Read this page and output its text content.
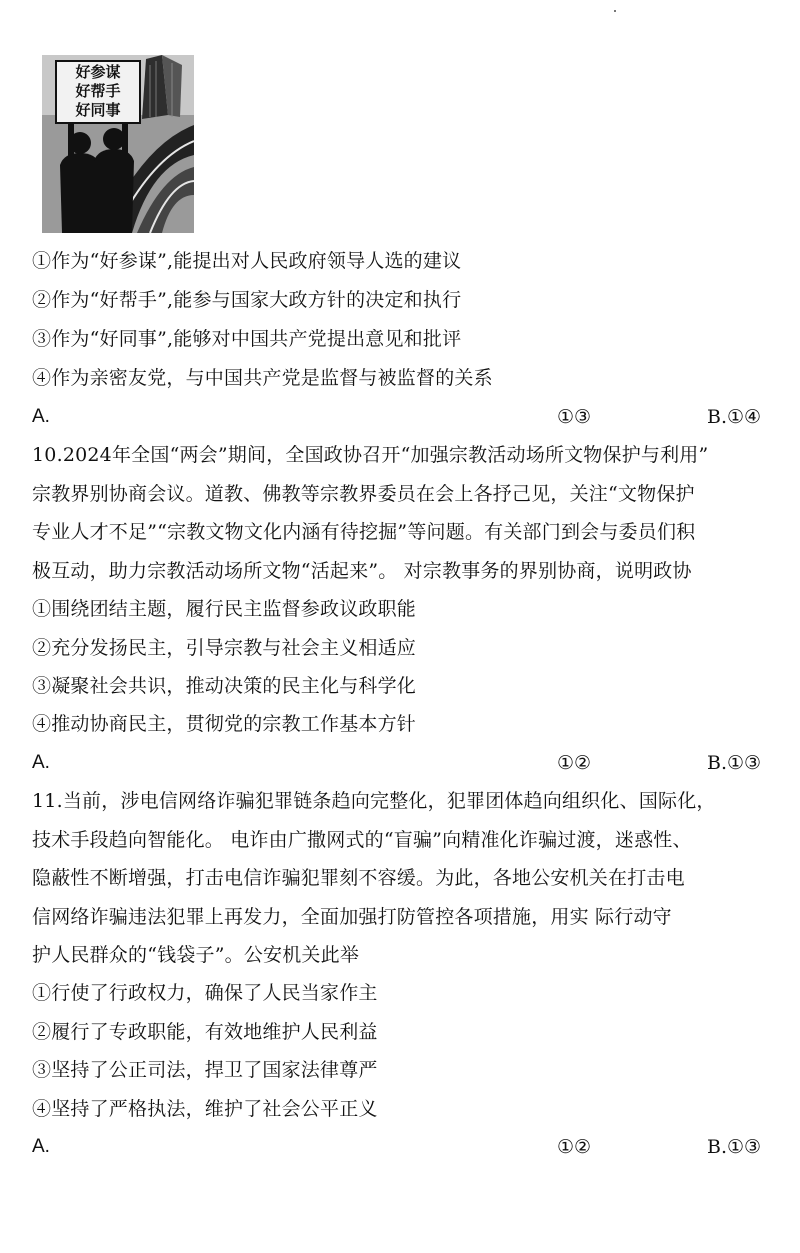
好参谋
好帮手
好同事
①作为“好参谋”,能提出对人民政府领导人选的建议
②作为“好帮手”,能参与国家大政方针的决定和执行
③作为“好同事”,能够对中国共产党提出意见和批评
④作为亲密友党，与中国共产党是监督与被监督的关系
A.	①③	B.①④
10.2024年全国“两会”期间，全国政协召开“加强宗教活动场所文物保护与利用”
宗教界别协商会议。道教、佛教等宗教界委员在会上各抒己见，关注“文物保护
专业人才不足”“宗教文物文化内涵有待挖掘”等问题。有关部门到会与委员们积
极互动，助力宗教活动场所文物“活起来”。 对宗教事务的界别协商，说明政协
①围绕团结主题，履行民主监督参政议政职能
②充分发扬民主，引导宗教与社会主义相适应
③凝聚社会共识，推动决策的民主化与科学化
④推动协商民主，贯彻党的宗教工作基本方针
A.	①②	B.①③
11.当前，涉电信网络诈骗犯罪链条趋向完整化，犯罪团体趋向组织化、国际化，
技术手段趋向智能化。 电诈由广撒网式的“盲骗”向精准化诈骗过渡，迷惑性、
隐蔽性不断增强，打击电信诈骗犯罪刻不容缓。为此，各地公安机关在打击电
信网络诈骗违法犯罪上再发力，全面加强打防管控各项措施，用实 际行动守
护人民群众的“钱袋子”。公安机关此举
①行使了行政权力，确保了人民当家作主
②履行了专政职能，有效地维护人民利益
③坚持了公正司法，捍卫了国家法律尊严
④坚持了严格执法，维护了社会公平正义
A.	①②	B.①③
